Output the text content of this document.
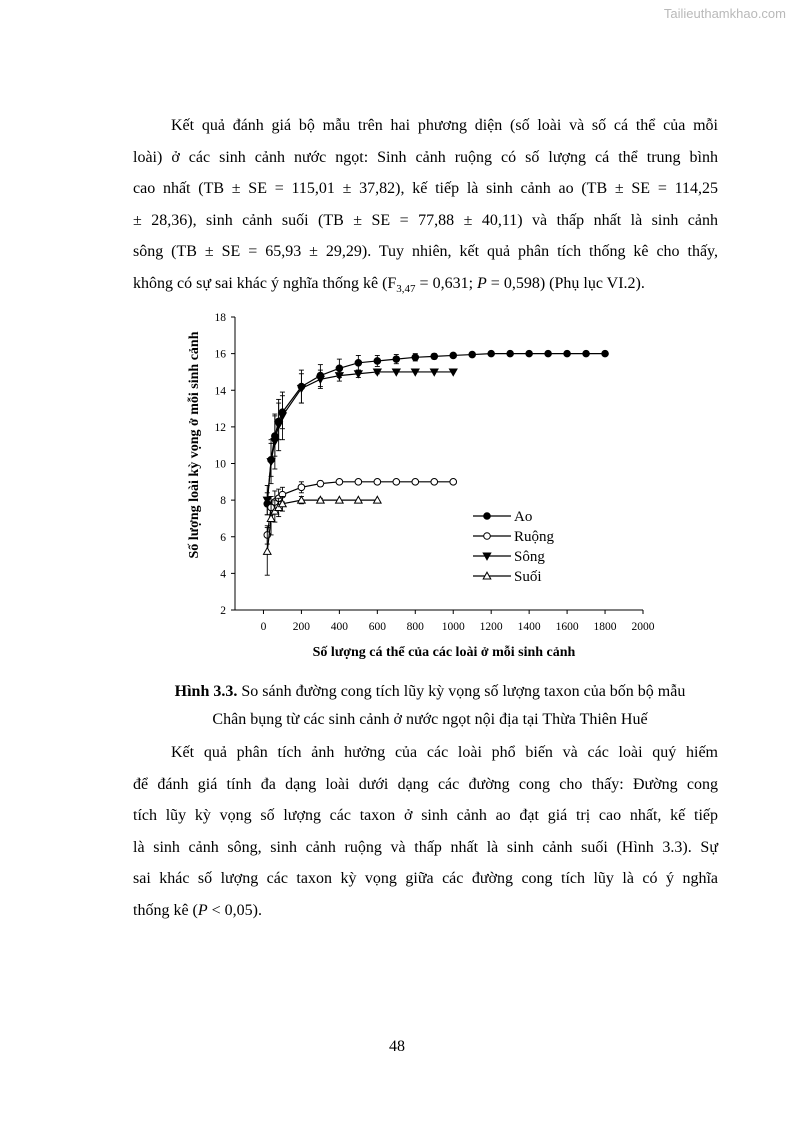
Tailieuthamkhao.com

Kết quả đánh giá bộ mẫu trên hai phương diện (số loài và số cá thể của mỗi
loài) ở các sinh cảnh nước ngọt: Sinh cảnh ruộng có số lượng cá thể trung bình
cao nhất (TB ± SE = 115,01 ± 37,82), kế tiếp là sinh cảnh ao (TB ± SE = 114,25
± 28,36), sinh cảnh suối (TB ± SE = 77,88 ± 40,11) và thấp nhất là sinh cảnh
sông (TB ± SE = 65,93 ± 29,29). Tuy nhiên, kết quả phân tích thống kê cho thấy,
không có sự sai khác ý nghĩa thống kê ($F_{3,47} = 0,631$; P = 0,598) (Phụ lục VI.2).

2
4
6
8
10
12
14
16
18
0 200 400 600 800 1000 1200 1400 1600 1800 2000
Ao
Ruộng
Sông
Suối
Số lượng cá thể của các loài ở mỗi sinh cảnh
Số lượng loài kỳ vọng ở mỗi sinh cảnh

Hình 3.3. So sánh đường cong tích lũy kỳ vọng số lượng taxon của bốn bộ mẫu
Chân bụng từ các sinh cảnh ở nước ngọt nội địa tại Thừa Thiên Huế

Kết quả phân tích ảnh hưởng của các loài phổ biến và các loài quý hiếm
để đánh giá tính đa dạng loài dưới dạng các đường cong cho thấy: Đường cong
tích lũy kỳ vọng số lượng các taxon ở sinh cảnh ao đạt giá trị cao nhất, kế tiếp
là sinh cảnh sông, sinh cảnh ruộng và thấp nhất là sinh cảnh suối (Hình 3.3). Sự
sai khác số lượng các taxon kỳ vọng giữa các đường cong tích lũy là có ý nghĩa
thống kê (P < 0,05).

48
